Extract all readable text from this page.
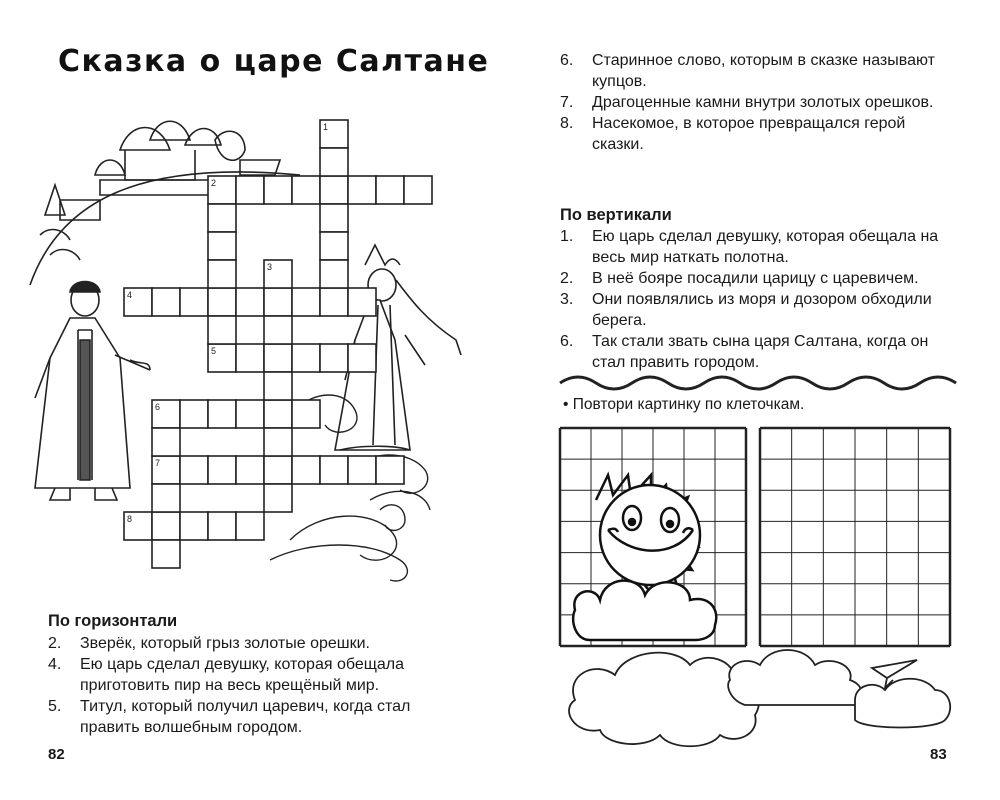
Сказка о царе Салтане
1
2
3
4
5
6
7
8
По горизонтали
2. Зверёк, который грыз золотые орешки.
4. Ею царь сделал девушку, которая обещала приготовить пир на весь крещёный мир.
5. Титул, который получил царевич, когда стал править волшебным городом.
82
6. Старинное слово, которым в сказке называют купцов.
7. Драгоценные камни внутри золотых орешков.
8. Насекомое, в которое превращался герой сказки.
По вертикали
1. Ею царь сделал девушку, которая обещала на весь мир наткать полотна.
2. В неё бояре посадили царицу с царевичем.
3. Они появлялись из моря и дозором обходили берега.
6. Так стали звать сына царя Салтана, когда он стал править городом.
• Повтори картинку по клеточкам.
83
